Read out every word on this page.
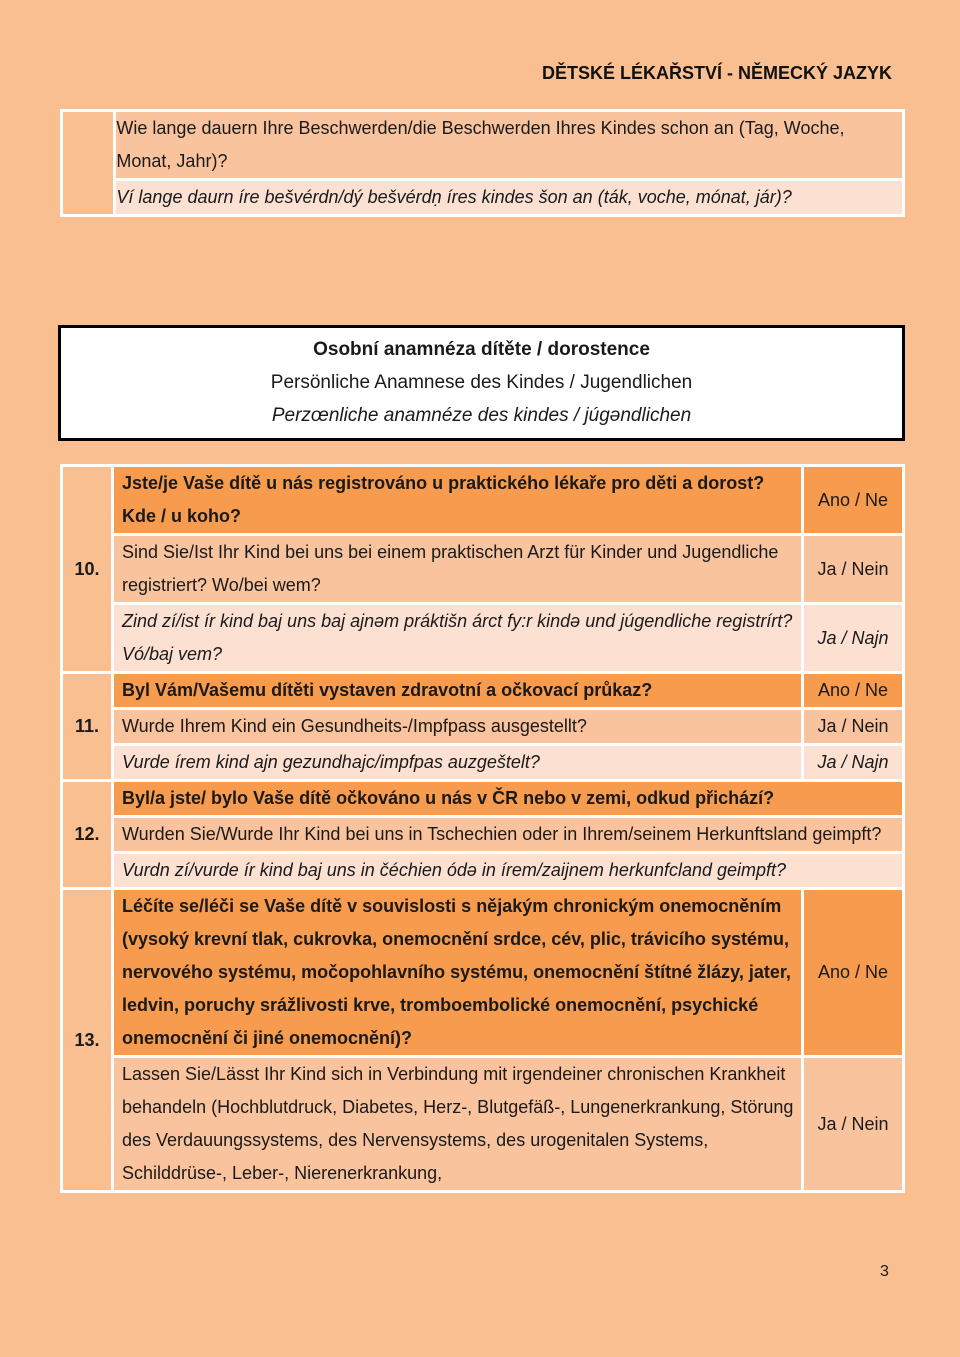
DĚTSKÉ LÉKAŘSTVÍ - NĚMECKÝ JAZYK
	Wie lange dauern Ihre Beschwerden/die Beschwerden Ihres Kindes schon an (Tag, Woche, Monat, Jahr)?
Ví lange daurn íre bešvérdn/dý bešvérdṇ íres kindes šon an (ták, voche, mónat, jár)?
Osobní anamnéza dítěte / dorostence
Persönliche Anamnese des Kindes / Jugendlichen
Perzœnliche anamnéze des kindes / júgəndlichen
10.	Jste/je Vaše dítě u nás registrováno u praktického lékaře pro děti a dorost? Kde / u koho?	Ano / Ne
	Sind Sie/Ist Ihr Kind bei uns bei einem praktischen Arzt für Kinder und Jugendliche registriert? Wo/bei wem?	Ja / Nein
	Zind zí/ist ír kind baj uns baj ajnəm práktišn árct fy:r kində und júgendliche registrírt? Vó/baj vem?	Ja / Najn
11.	Byl Vám/Vašemu dítěti vystaven zdravotní a očkovací průkaz?	Ano / Ne
	Wurde Ihrem Kind ein Gesundheits-/Impfpass ausgestellt?	Ja / Nein
	Vurde írem kind ajn gezundhajc/impfpas auzgeštelt?	Ja / Najn
12.	Byl/a jste/ bylo Vaše dítě očkováno u nás v ČR nebo v zemi, odkud přichází?	
	Wurden Sie/Wurde Ihr Kind bei uns in Tschechien oder in Ihrem/seinem Herkunftsland geimpft?	
	Vurdn zí/vurde ír kind baj uns in čéchien ódə in írem/zaijnem herkunfcland geimpft?	
13.	Léčíte se/léči se Vaše dítě v souvislosti s nějakým chronickým onemocněním (vysoký krevní tlak, cukrovka, onemocnění srdce, cév, plic, trávicího systému, nervového systému, močopohlavního systému, onemocnění štítné žlázy, jater, ledvin, poruchy srážlivosti krve, tromboembolické onemocnění, psychické onemocnění či jiné onemocnění)?	Ano / Ne
	Lassen Sie/Lässt Ihr Kind sich in Verbindung mit irgendeiner chronischen Krankheit behandeln (Hochblutdruck, Diabetes, Herz-, Blutgefäß-, Lungenerkrankung, Störung des Verdauungssystems, des Nervensystems, des urogenitalen Systems, Schilddrüse-, Leber-, Nierenerkrankung,	Ja / Nein
3
